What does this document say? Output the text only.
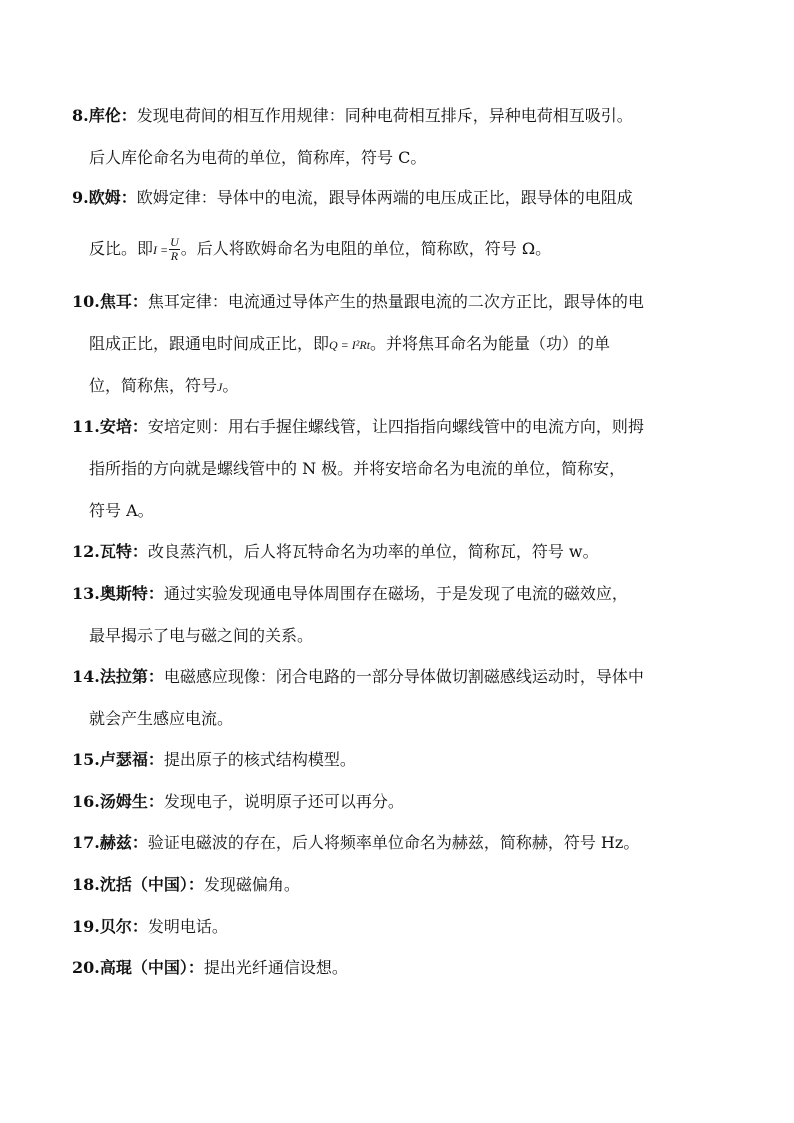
8.库伦：发现电荷间的相互作用规律：同种电荷相互排斥，异种电荷相互吸引。
后人库伦命名为电荷的单位，简称库，符号 C。
9.欧姆：欧姆定律：导体中的电流，跟导体两端的电压成正比，跟导体的电阻成
反比。即$I = \frac{U}{R}$ 。后人将欧姆命名为电阻的单位，简称欧，符号 Ω。
10.焦耳：焦耳定律：电流通过导体产生的热量跟电流的二次方正比，跟导体的电
阻成正比，跟通电时间成正比，即Q = I²Rt。并将焦耳命名为能量（功）的单
位，简称焦，符号J。
11.安培：安培定则：用右手握住螺线管，让四指指向螺线管中的电流方向，则拇
指所指的方向就是螺线管中的 N 极。并将安培命名为电流的单位，简称安，
符号 A。
12.瓦特：改良蒸汽机，后人将瓦特命名为功率的单位，简称瓦，符号 w。
13.奥斯特：通过实验发现通电导体周围存在磁场，于是发现了电流的磁效应，
最早揭示了电与磁之间的关系。
14.法拉第：电磁感应现像：闭合电路的一部分导体做切割磁感线运动时，导体中
就会产生感应电流。
15.卢瑟福：提出原子的核式结构模型。
16.汤姆生：发现电子，说明原子还可以再分。
17.赫兹：验证电磁波的存在，后人将频率单位命名为赫兹，简称赫，符号 Hz。
18.沈括（中国）：发现磁偏角。
19.贝尔：发明电话。
20.高琨（中国）：提出光纤通信设想。
